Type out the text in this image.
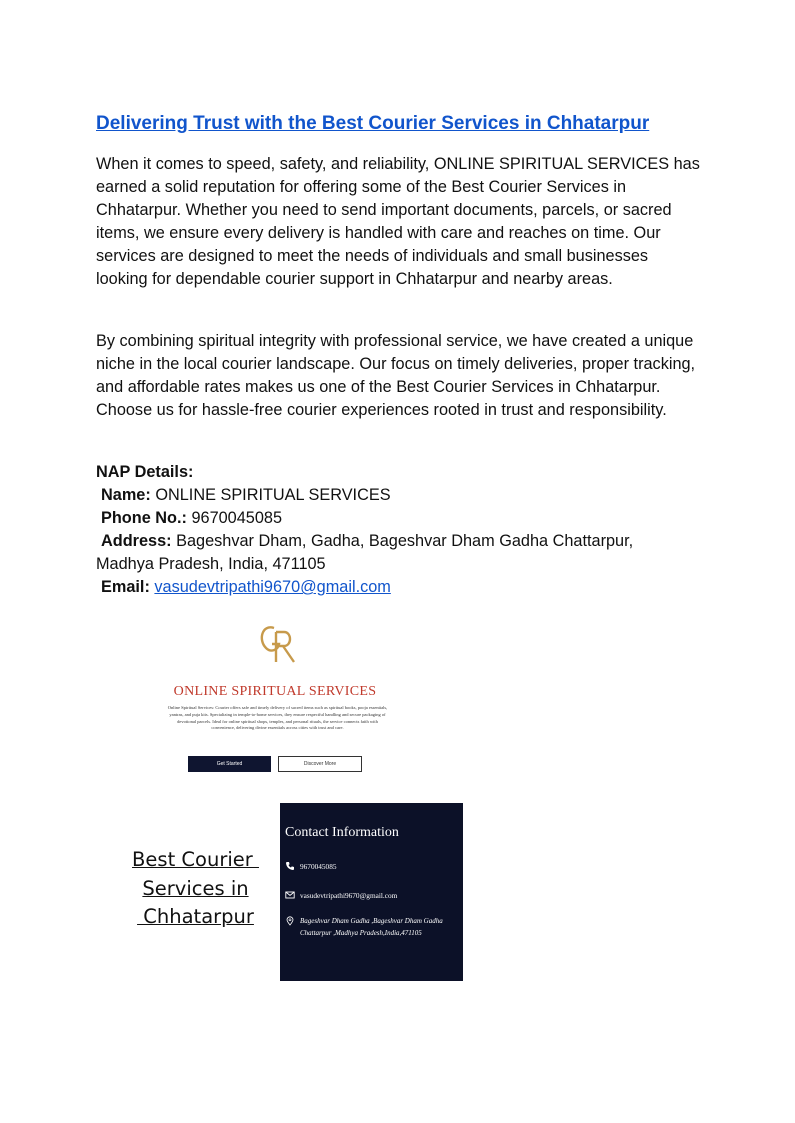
Delivering Trust with the Best Courier Services in Chhatarpur

When it comes to speed, safety, and reliability, ONLINE SPIRITUAL SERVICES has earned a solid reputation for offering some of the Best Courier Services in Chhatarpur. Whether you need to send important documents, parcels, or sacred items, we ensure every delivery is handled with care and reaches on time. Our services are designed to meet the needs of individuals and small businesses looking for dependable courier support in Chhatarpur and nearby areas.

By combining spiritual integrity with professional service, we have created a unique niche in the local courier landscape. Our focus on timely deliveries, proper tracking, and affordable rates makes us one of the Best Courier Services in Chhatarpur. Choose us for hassle-free courier experiences rooted in trust and responsibility.

NAP Details:
Name: ONLINE SPIRITUAL SERVICES
Phone No.: 9670045085
Address: Bageshvar Dham, Gadha, Bageshvar Dham Gadha Chattarpur,
Madhya Pradesh, India, 471105
Email: vasudevtripathi9670@gmail.com
ONLINE SPIRITUAL SERVICES
Online Spiritual Services: Courier offers safe and timely delivery of sacred items such as spiritual books, pooja essentials, yantras, and puja kits. Specializing in temple-to-home services, they ensure respectful handling and secure packaging of devotional parcels. Ideal for online spiritual shops, temples, and personal rituals, the service connects faith with convenience, delivering divine essentials across cities with trust and care.
Get Started	Discover More
Best Courier
Services in
Chhatarpur
Contact Information
9670045085
vasudevtripathi9670@gmail.com
Bageshvar Dham Gadha ,Bageshvar Dham Gadha
Chattarpur ,Madhya Pradesh,India,471105
